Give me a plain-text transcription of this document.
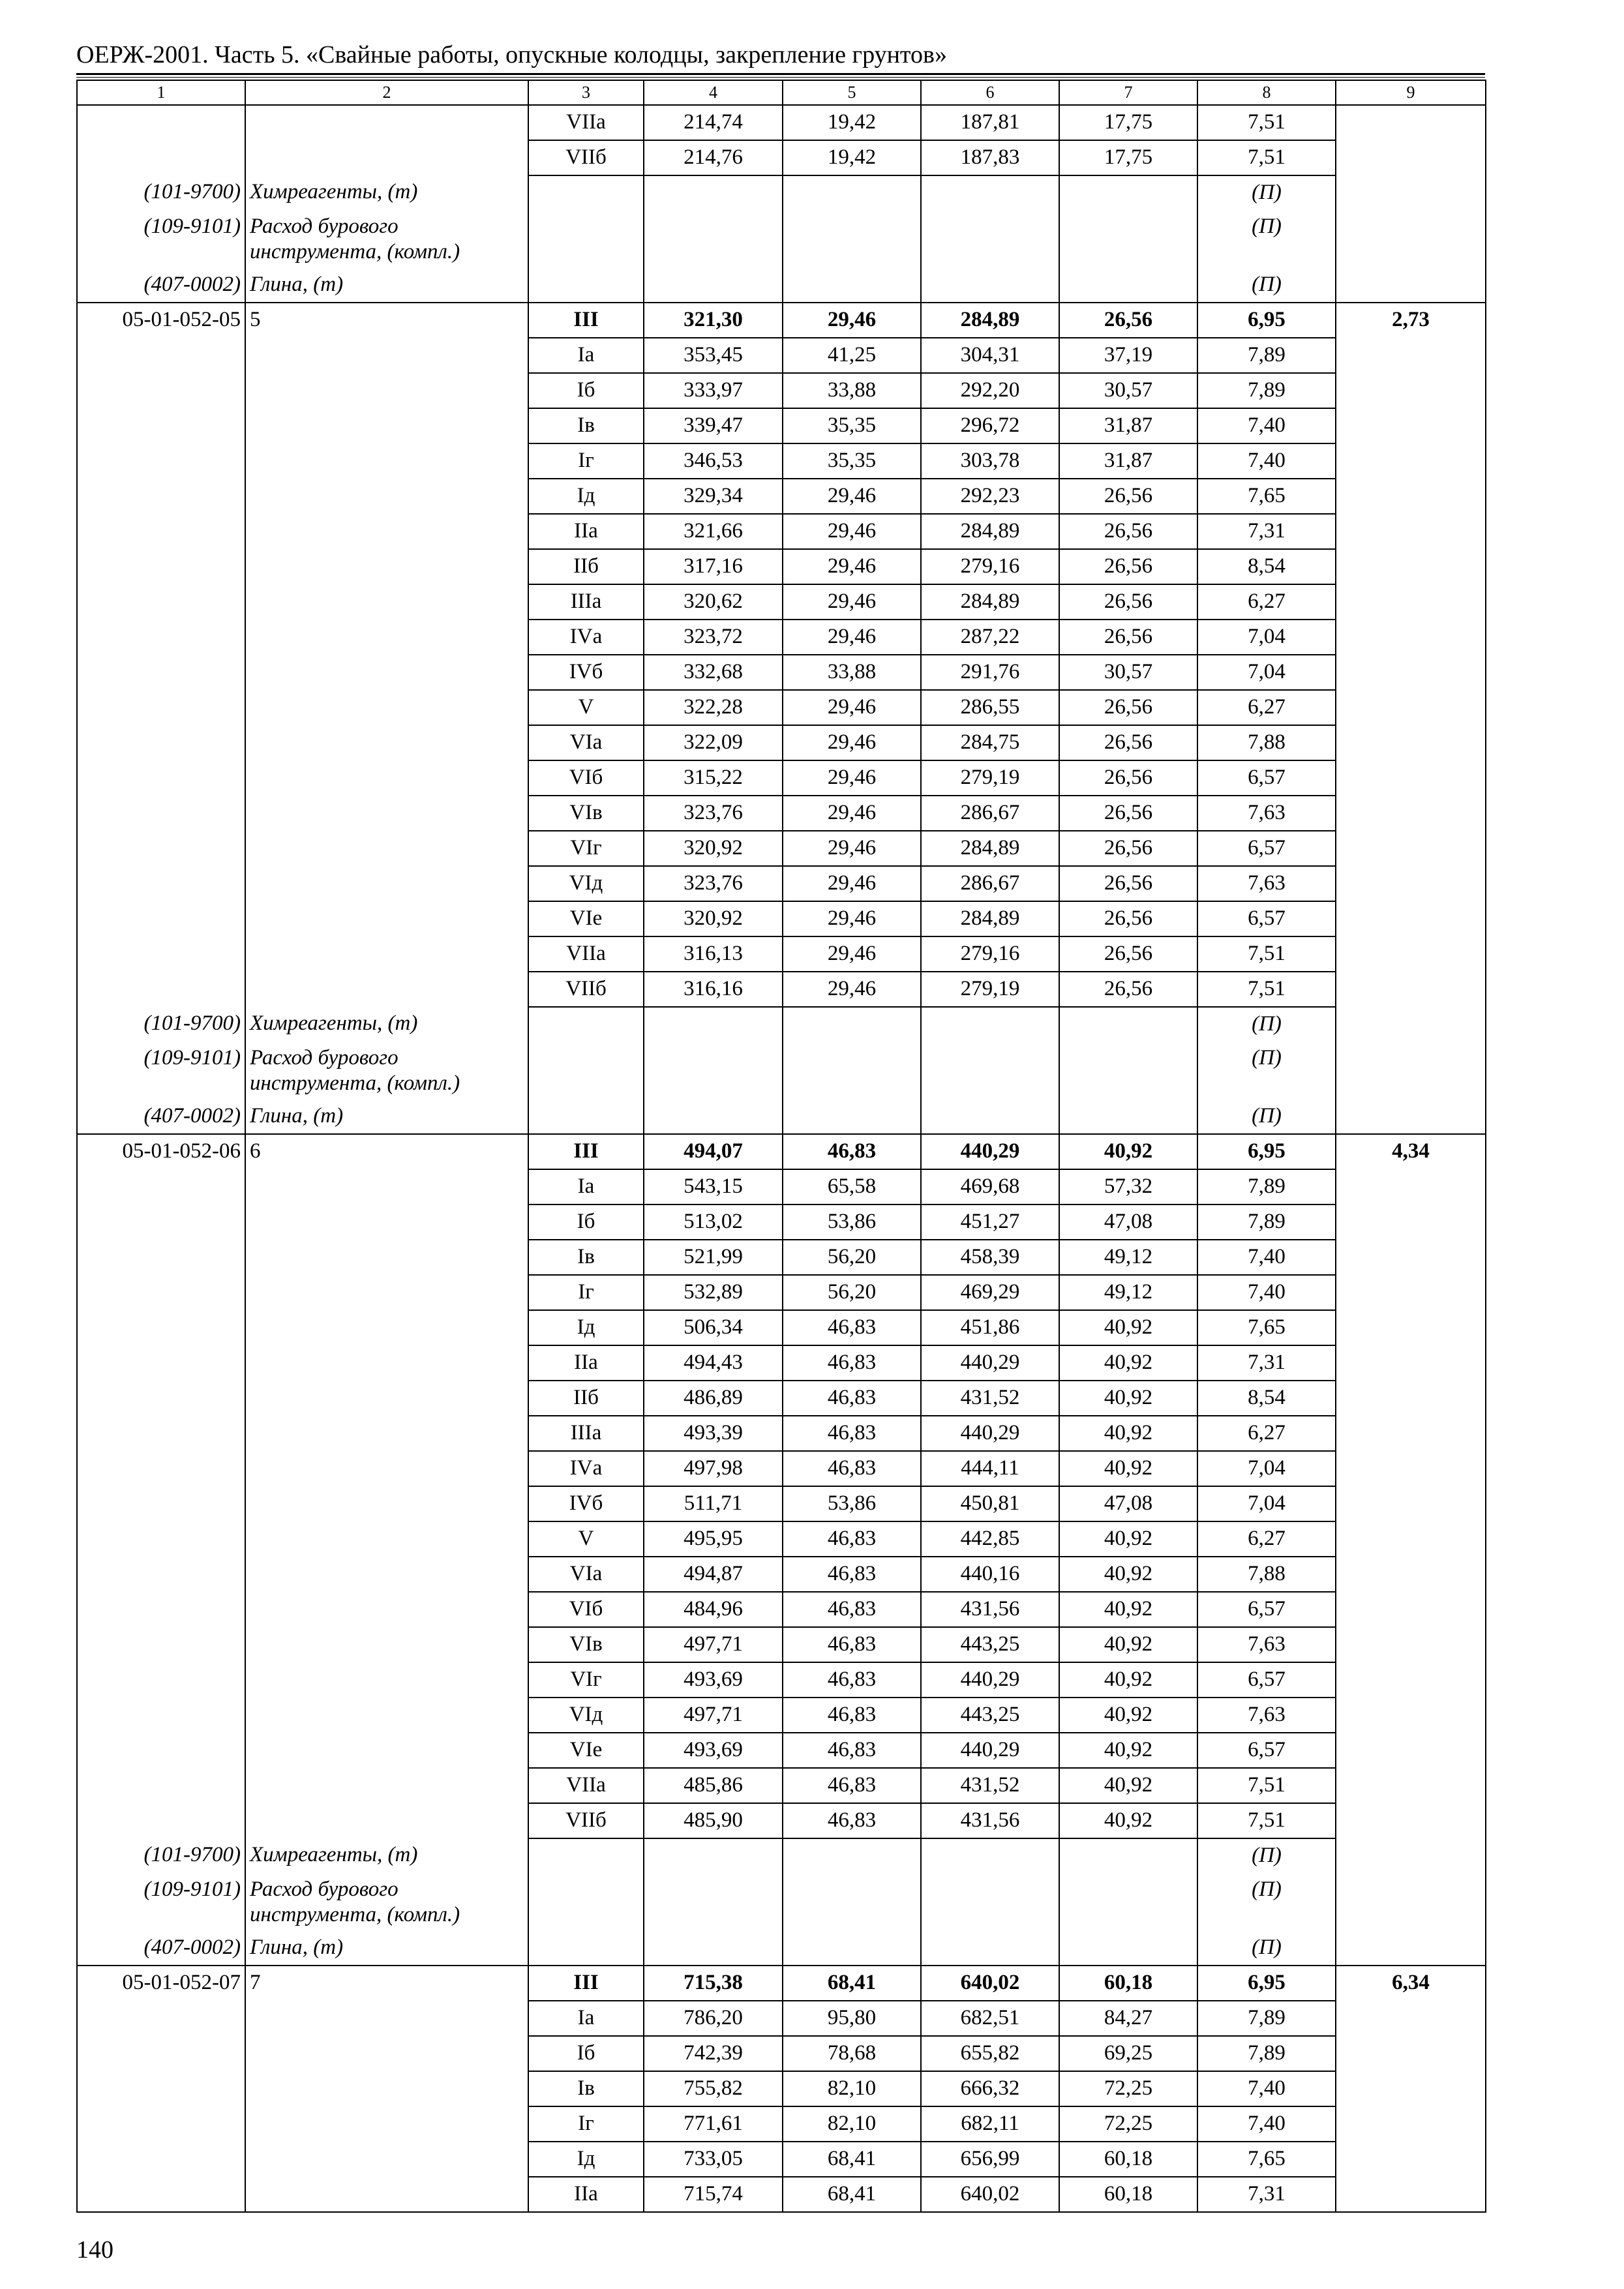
ОЕРЖ-2001. Часть 5. «Свайные работы, опускные колодцы, закрепление грунтов»
1	2	3	4	5	6	7	8	9
		VIIа	214,74	19,42	187,81	17,75	7,51	
		VIIб	214,76	19,42	187,83	17,75	7,51	
(101-9700)	Химреагенты, (т)						(П)	
(109-9101)	Расход бурового инструмента, (компл.)						(П)	
(407-0002)	Глина, (т)						(П)	
05-01-052-05	5	III	321,30	29,46	284,89	26,56	6,95	2,73
		Iа	353,45	41,25	304,31	37,19	7,89	
		Iб	333,97	33,88	292,20	30,57	7,89	
		Iв	339,47	35,35	296,72	31,87	7,40	
		Iг	346,53	35,35	303,78	31,87	7,40	
		Iд	329,34	29,46	292,23	26,56	7,65	
		IIа	321,66	29,46	284,89	26,56	7,31	
		IIб	317,16	29,46	279,16	26,56	8,54	
		IIIа	320,62	29,46	284,89	26,56	6,27	
		IVа	323,72	29,46	287,22	26,56	7,04	
		IVб	332,68	33,88	291,76	30,57	7,04	
		V	322,28	29,46	286,55	26,56	6,27	
		VIа	322,09	29,46	284,75	26,56	7,88	
		VIб	315,22	29,46	279,19	26,56	6,57	
		VIв	323,76	29,46	286,67	26,56	7,63	
		VIг	320,92	29,46	284,89	26,56	6,57	
		VIд	323,76	29,46	286,67	26,56	7,63	
		VIе	320,92	29,46	284,89	26,56	6,57	
		VIIа	316,13	29,46	279,16	26,56	7,51	
		VIIб	316,16	29,46	279,19	26,56	7,51	
(101-9700)	Химреагенты, (т)						(П)	
(109-9101)	Расход бурового инструмента, (компл.)						(П)	
(407-0002)	Глина, (т)						(П)	
05-01-052-06	6	III	494,07	46,83	440,29	40,92	6,95	4,34
		Iа	543,15	65,58	469,68	57,32	7,89	
		Iб	513,02	53,86	451,27	47,08	7,89	
		Iв	521,99	56,20	458,39	49,12	7,40	
		Iг	532,89	56,20	469,29	49,12	7,40	
		Iд	506,34	46,83	451,86	40,92	7,65	
		IIа	494,43	46,83	440,29	40,92	7,31	
		IIб	486,89	46,83	431,52	40,92	8,54	
		IIIа	493,39	46,83	440,29	40,92	6,27	
		IVа	497,98	46,83	444,11	40,92	7,04	
		IVб	511,71	53,86	450,81	47,08	7,04	
		V	495,95	46,83	442,85	40,92	6,27	
		VIа	494,87	46,83	440,16	40,92	7,88	
		VIб	484,96	46,83	431,56	40,92	6,57	
		VIв	497,71	46,83	443,25	40,92	7,63	
		VIг	493,69	46,83	440,29	40,92	6,57	
		VIд	497,71	46,83	443,25	40,92	7,63	
		VIе	493,69	46,83	440,29	40,92	6,57	
		VIIа	485,86	46,83	431,52	40,92	7,51	
		VIIб	485,90	46,83	431,56	40,92	7,51	
(101-9700)	Химреагенты, (т)						(П)	
(109-9101)	Расход бурового инструмента, (компл.)						(П)	
(407-0002)	Глина, (т)						(П)	
05-01-052-07	7	III	715,38	68,41	640,02	60,18	6,95	6,34
		Iа	786,20	95,80	682,51	84,27	7,89	
		Iб	742,39	78,68	655,82	69,25	7,89	
		Iв	755,82	82,10	666,32	72,25	7,40	
		Iг	771,61	82,10	682,11	72,25	7,40	
		Iд	733,05	68,41	656,99	60,18	7,65	
		IIа	715,74	68,41	640,02	60,18	7,31	
140
